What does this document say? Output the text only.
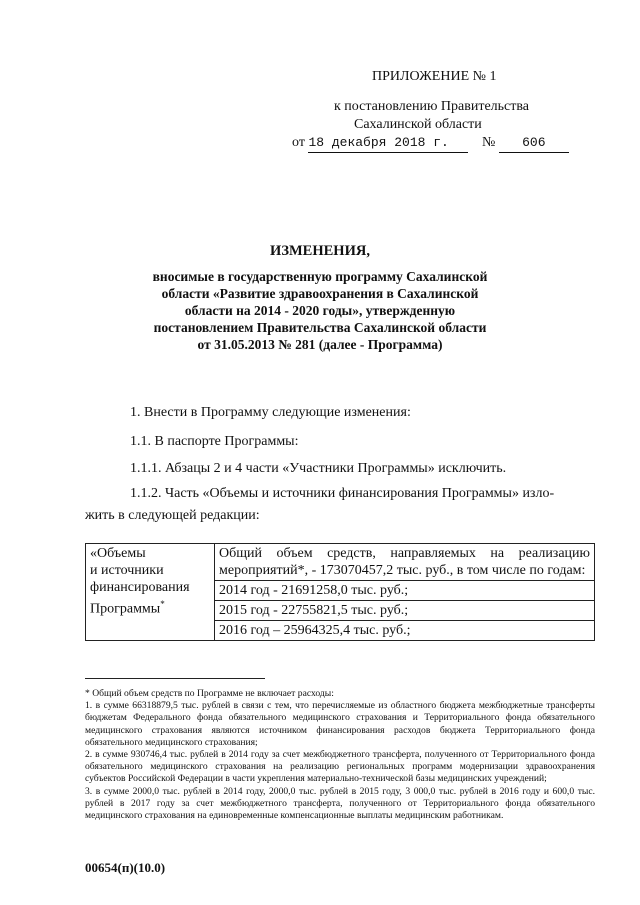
ПРИЛОЖЕНИЕ № 1
к постановлению Правительства
Сахалинской области
от 18 декабря 2018 г. № 606
ИЗМЕНЕНИЯ,
вносимые в государственную программу Сахалинской
области «Развитие здравоохранения в Сахалинской
области на 2014 - 2020 годы», утвержденную
постановлением Правительства Сахалинской области
от 31.05.2013 № 281 (далее - Программа)
1. Внести в Программу следующие изменения:
1.1. В паспорте Программы:
1.1.1. Абзацы 2 и 4 части «Участники Программы» исключить.
1.1.2. Часть «Объемы и источники финансирования Программы» изло-
жить в следующей редакции:
«Объемы
и источники
финансирования
Программы*
	Общий объем средств, направляемых на реализацию мероприятий*, - 173070457,2 тыс. руб., в том числе по годам:
2014 год - 21691258,0 тыс. руб.;
2015 год - 22755821,5 тыс. руб.;
2016 год – 25964325,4 тыс. руб.;
* Общий объем средств по Программе не включает расходы:
1. в сумме 66318879,5 тыс. рублей в связи с тем, что перечисляемые из областного бюджета межбюджетные трансферты бюджетам Федерального фонда обязательного медицинского страхования и Территориального фонда обязательного медицинского страхования являются источником финансирования расходов бюджета Территориального фонда обязательного медицинского страхования;
2. в сумме 930746,4 тыс. рублей в 2014 году за счет межбюджетного трансферта, полученного от Территориального фонда обязательного медицинского страхования на реализацию региональных программ модернизации здравоохранения субъектов Российской Федерации в части укрепления материально-технической базы медицинских учреждений;
3. в сумме 2000,0 тыс. рублей в 2014 году, 2000,0 тыс. рублей в 2015 году, 3 000,0 тыс. рублей в 2016 году и 600,0 тыс. рублей в 2017 году за счет межбюджетного трансферта, полученного от Территориального фонда обязательного медицинского страхования на единовременные компенсационные выплаты медицинским работникам.
00654(п)(10.0)
